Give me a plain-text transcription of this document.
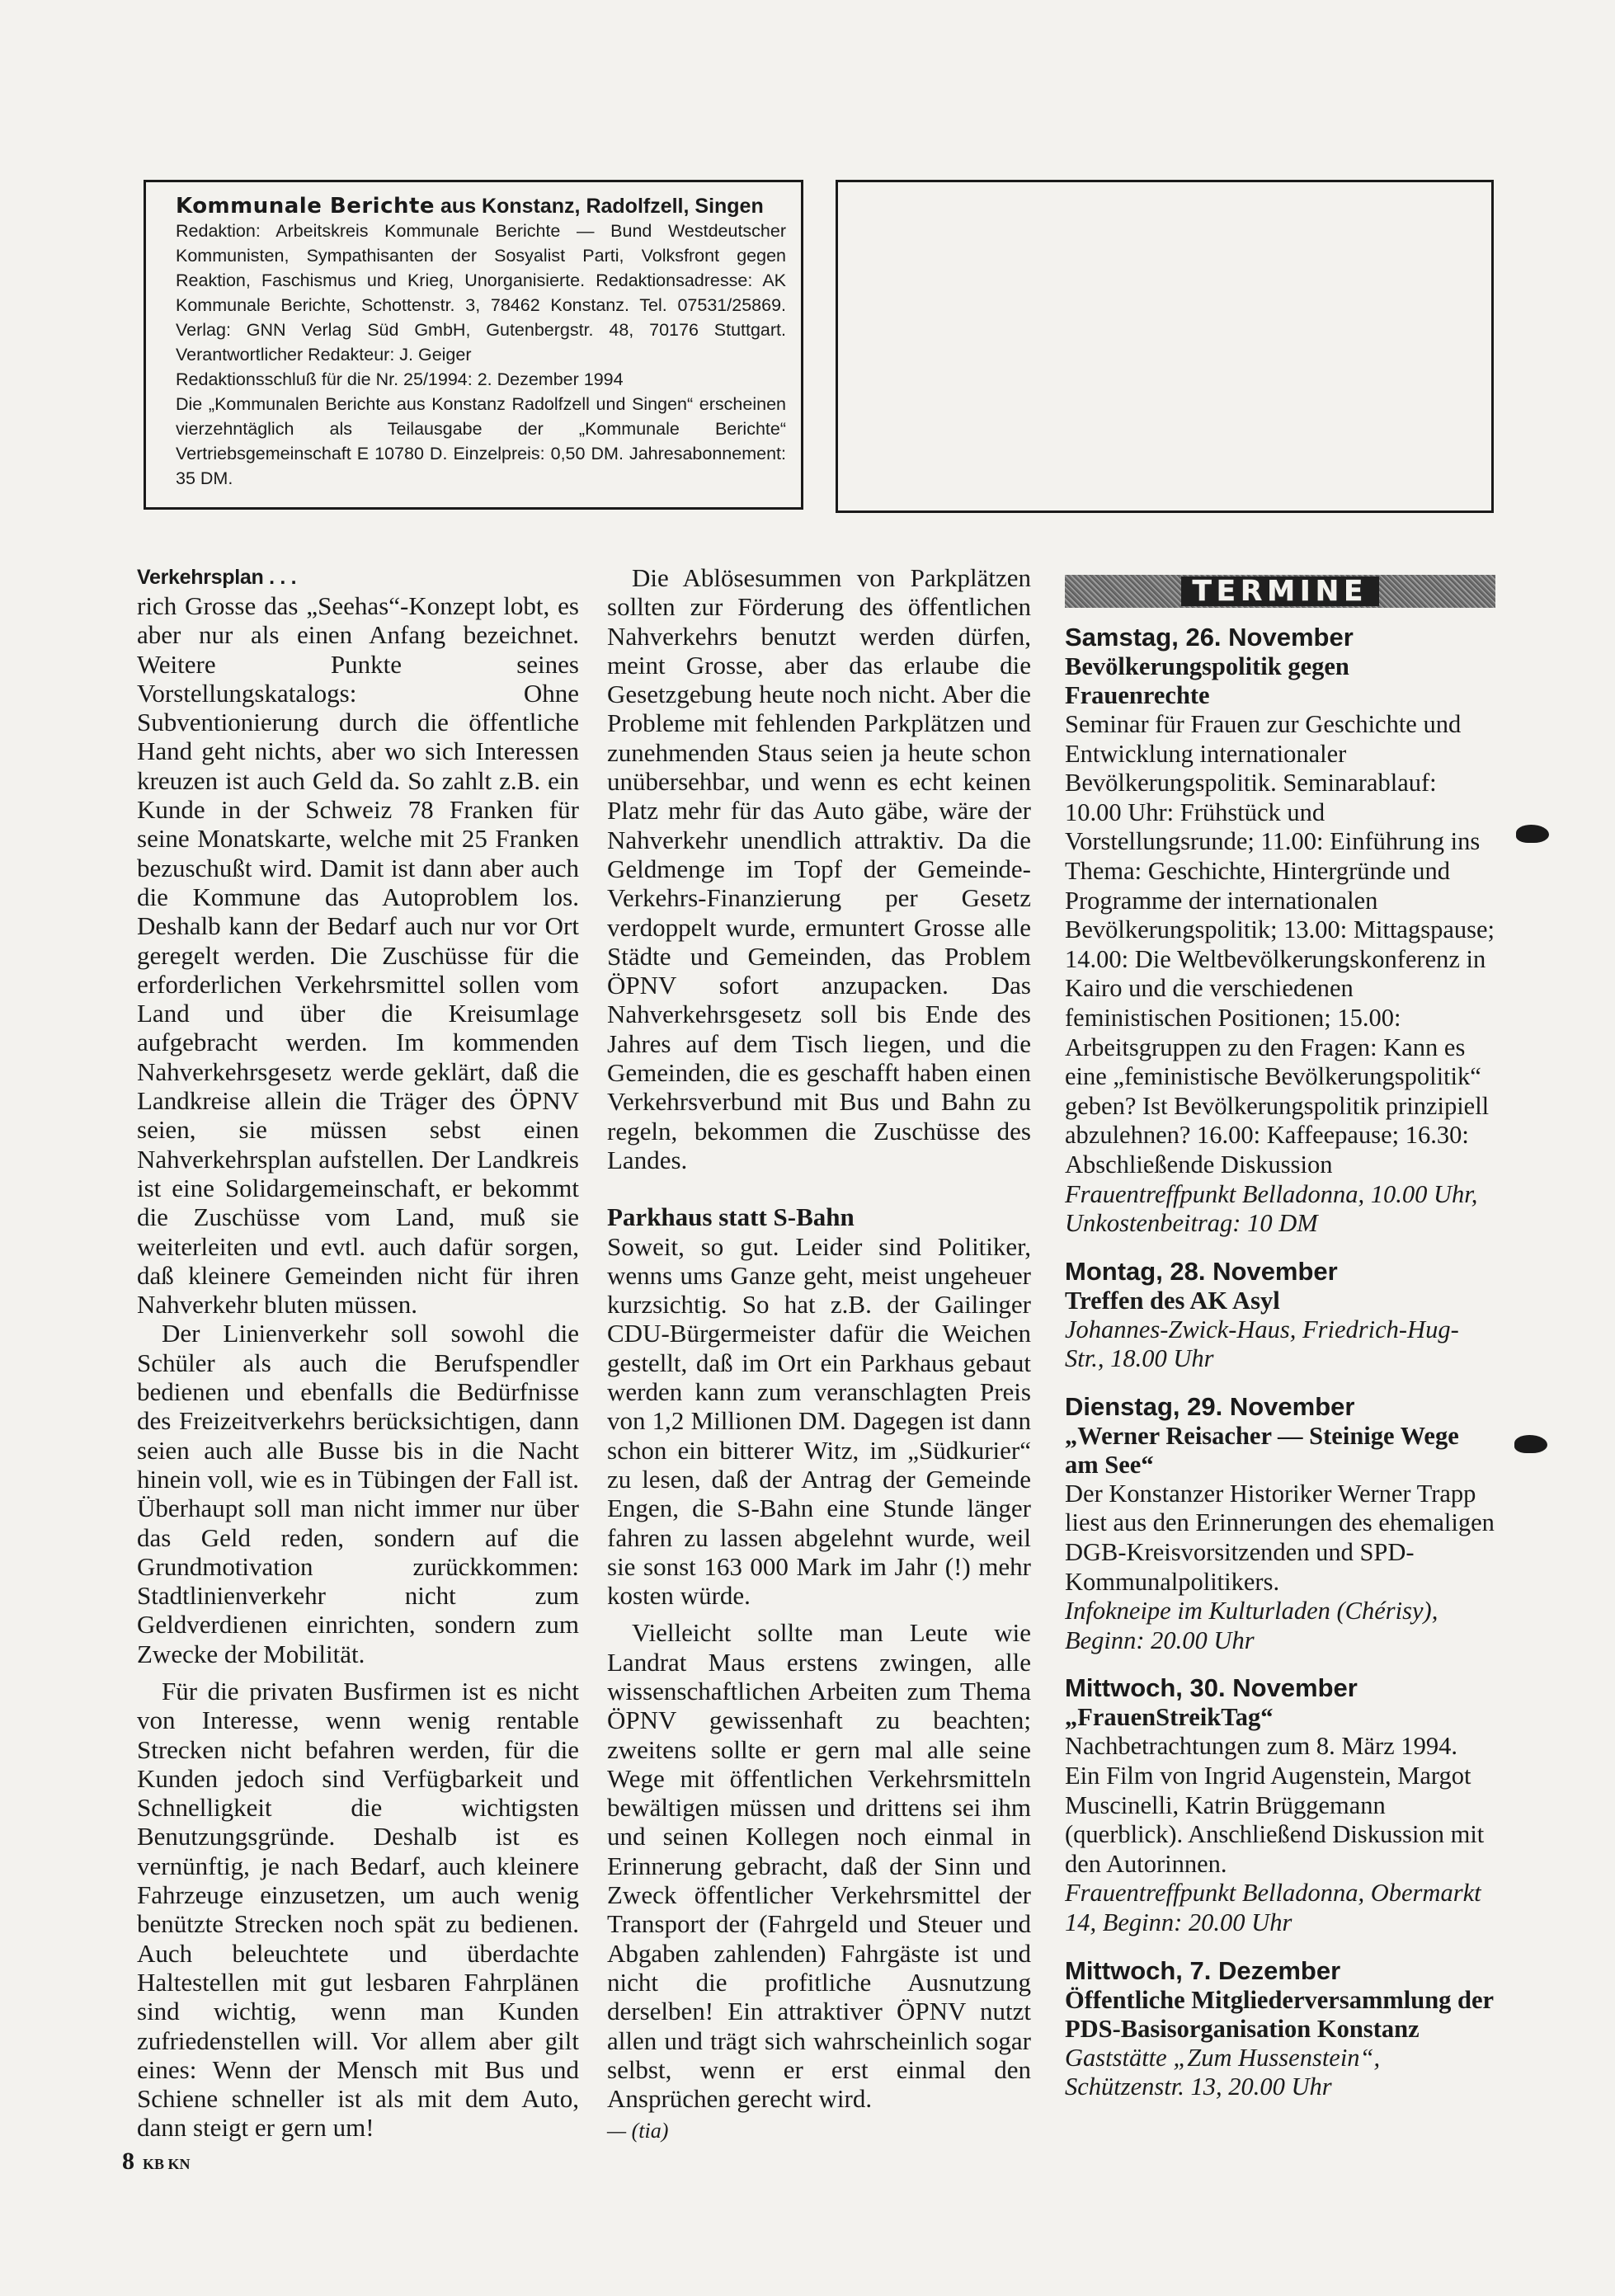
Kommunale Berichte aus Konstanz, Radolfzell, Singen

Redaktion: Arbeitskreis Kommunale Berichte — Bund Westdeutscher Kommunisten, Sympathisanten der Sosyalist Parti, Volksfront gegen Reaktion, Faschismus und Krieg, Unorganisierte. Redaktionsadresse: AK Kommunale Berichte, Schottenstr. 3, 78462 Konstanz. Tel. 07531/25869. Verlag: GNN Verlag Süd GmbH, Gutenbergstr. 48, 70176 Stuttgart. Verantwortlicher Redakteur: J. Geiger

Redaktionsschluß für die Nr. 25/1994: 2. Dezember 1994

Die „Kommunalen Berichte aus Konstanz Radolfzell und Singen“ erscheinen vierzehntäglich als Teilausgabe der „Kommunale Berichte“ Vertriebsgemeinschaft E 10780 D. Einzelpreis: 0,50 DM. Jahresabonnement: 35 DM.

Verkehrsplan . . .

rich Grosse das „Seehas“-Konzept lobt, es aber nur als einen Anfang bezeichnet. Weitere Punkte seines Vorstellungskatalogs: Ohne Subventionierung durch die öffentliche Hand geht nichts, aber wo sich Interessen kreuzen ist auch Geld da. So zahlt z.B. ein Kunde in der Schweiz 78 Franken für seine Monatskarte, welche mit 25 Franken bezuschußt wird. Damit ist dann aber auch die Kommune das Autoproblem los. Deshalb kann der Bedarf auch nur vor Ort geregelt werden. Die Zuschüsse für die erforderlichen Verkehrsmittel sollen vom Land und über die Kreisumlage aufgebracht werden. Im kommenden Nahverkehrsgesetz werde geklärt, daß die Landkreise allein die Träger des ÖPNV seien, sie müssen sebst einen Nahverkehrsplan aufstellen. Der Landkreis ist eine Solidargemeinschaft, er bekommt die Zuschüsse vom Land, muß sie weiterleiten und evtl. auch dafür sorgen, daß kleinere Gemeinden nicht für ihren Nahverkehr bluten müssen.

Der Linienverkehr soll sowohl die Schüler als auch die Berufspendler bedienen und ebenfalls die Bedürfnisse des Freizeitverkehrs berücksichtigen, dann seien auch alle Busse bis in die Nacht hinein voll, wie es in Tübingen der Fall ist. Überhaupt soll man nicht immer nur über das Geld reden, sondern auf die Grundmotivation zurückkommen: Stadtlinienverkehr nicht zum Geldverdienen einrichten, sondern zum Zwecke der Mobilität.

Für die privaten Busfirmen ist es nicht von Interesse, wenn wenig rentable Strecken nicht befahren werden, für die Kunden jedoch sind Verfügbarkeit und Schnelligkeit die wichtigsten Benutzungsgründe. Deshalb ist es vernünftig, je nach Bedarf, auch kleinere Fahrzeuge einzusetzen, um auch wenig benützte Strecken noch spät zu bedienen. Auch beleuchtete und überdachte Haltestellen mit gut lesbaren Fahrplänen sind wichtig, wenn man Kunden zufriedenstellen will. Vor allem aber gilt eines: Wenn der Mensch mit Bus und Schiene schneller ist als mit dem Auto, dann steigt er gern um!

Die Ablösesummen von Parkplätzen sollten zur Förderung des öffentlichen Nahverkehrs benutzt werden dürfen, meint Grosse, aber das erlaube die Gesetzgebung heute noch nicht. Aber die Probleme mit fehlenden Parkplätzen und zunehmenden Staus seien ja heute schon unübersehbar, und wenn es echt keinen Platz mehr für das Auto gäbe, wäre der Nahverkehr unendlich attraktiv. Da die Geldmenge im Topf der Gemeinde-Verkehrs-Finanzierung per Gesetz verdoppelt wurde, ermuntert Grosse alle Städte und Gemeinden, das Problem ÖPNV sofort anzupacken. Das Nahverkehrsgesetz soll bis Ende des Jahres auf dem Tisch liegen, und die Gemeinden, die es geschafft haben einen Verkehrsverbund mit Bus und Bahn zu regeln, bekommen die Zuschüsse des Landes.

Parkhaus statt S-Bahn

Soweit, so gut. Leider sind Politiker, wenns ums Ganze geht, meist ungeheuer kurzsichtig. So hat z.B. der Gailinger CDU-Bürgermeister dafür die Weichen gestellt, daß im Ort ein Parkhaus gebaut werden kann zum veranschlagten Preis von 1,2 Millionen DM. Dagegen ist dann schon ein bitterer Witz, im „Südkurier“ zu lesen, daß der Antrag der Gemeinde Engen, die S-Bahn eine Stunde länger fahren zu lassen abgelehnt wurde, weil sie sonst 163 000 Mark im Jahr (!) mehr kosten würde.

Vielleicht sollte man Leute wie Landrat Maus erstens zwingen, alle wissenschaftlichen Arbeiten zum Thema ÖPNV gewissenhaft zu beachten; zweitens sollte er gern mal alle seine Wege mit öffentlichen Verkehrsmitteln bewältigen müssen und drittens sei ihm und seinen Kollegen noch einmal in Erinnerung gebracht, daß der Sinn und Zweck öffentlicher Verkehrsmittel der Transport der (Fahrgeld und Steuer und Abgaben zahlenden) Fahrgäste ist und nicht die profitliche Ausnutzung derselben! Ein attraktiver ÖPNV nutzt allen und trägt sich wahrscheinlich sogar selbst, wenn er erst einmal den Ansprüchen gerecht wird.

— (tia)

TERMINE
Samstag, 26. November
Bevölkerungspolitik gegen Frauenrechte
Seminar für Frauen zur Geschichte und Entwicklung internationaler Bevölkerungspolitik. Seminarablauf: 10.00 Uhr: Frühstück und Vorstellungsrunde; 11.00: Einführung ins Thema: Geschichte, Hintergründe und Programme der internationalen Bevölkerungspolitik; 13.00: Mittagspause; 14.00: Die Weltbevölkerungskonferenz in Kairo und die verschiedenen feministischen Positionen; 15.00: Arbeitsgruppen zu den Fragen: Kann es eine „feministische Bevölkerungspolitik“ geben? Ist Bevölkerungspolitik prinzipiell abzulehnen? 16.00: Kaffeepause; 16.30: Abschließende Diskussion
Frauentreffpunkt Belladonna, 10.00 Uhr, Unkostenbeitrag: 10 DM
Montag, 28. November
Treffen des AK Asyl
Johannes-Zwick-Haus, Friedrich-Hug-Str., 18.00 Uhr
Dienstag, 29. November
„Werner Reisacher — Steinige Wege am See“
Der Konstanzer Historiker Werner Trapp liest aus den Erinnerungen des ehemaligen DGB-Kreisvorsitzenden und SPD-Kommunalpolitikers.
Infokneipe im Kulturladen (Chérisy), Beginn: 20.00 Uhr
Mittwoch, 30. November
„FrauenStreikTag“
Nachbetrachtungen zum 8. März 1994. Ein Film von Ingrid Augenstein, Margot Muscinelli, Katrin Brüggemann (querblick). Anschließend Diskussion mit den Autorinnen.
Frauentreffpunkt Belladonna, Obermarkt 14, Beginn: 20.00 Uhr
Mittwoch, 7. Dezember
Öffentliche Mitgliederversammlung der PDS-Basisorganisation Konstanz
Gaststätte „Zum Hussenstein“, Schützenstr. 13, 20.00 Uhr
8 KB KN
